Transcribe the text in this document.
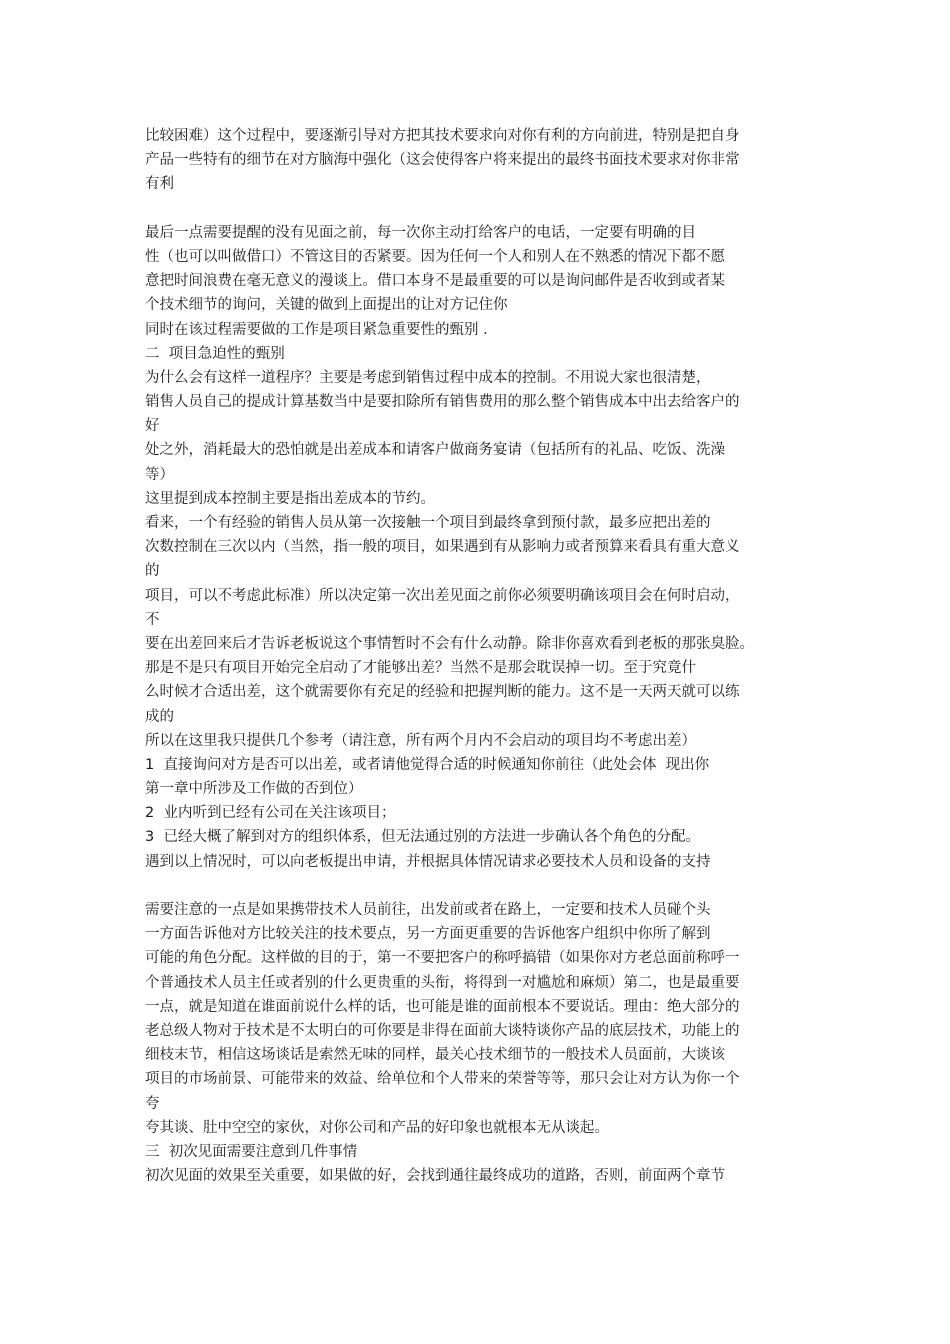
比较困难）这个过程中，要逐渐引导对方把其技术要求向对你有利的方向前进，特别是把自身
产品一些特有的细节在对方脑海中强化（这会使得客户将来提出的最终书面技术要求对你非常
有利
最后一点需要提醒的没有见面之前，每一次你主动打给客户的电话，一定要有明确的目
性（也可以叫做借口）不管这目的否紧要。因为任何一个人和别人在不熟悉的情况下都不愿
意把时间浪费在毫无意义的漫谈上。借口本身不是最重要的可以是询问邮件是否收到或者某
个技术细节的询问，关键的做到上面提出的让对方记住你
同时在该过程需要做的工作是项目紧急重要性的甄别 .
二  项目急迫性的甄别
为什么会有这样一道程序？主要是考虑到销售过程中成本的控制。不用说大家也很清楚，
销售人员自己的提成计算基数当中是要扣除所有销售费用的那么整个销售成本中出去给客户的
好
处之外，消耗最大的恐怕就是出差成本和请客户做商务宴请（包括所有的礼品、吃饭、洗澡
等）
这里提到成本控制主要是指出差成本的节约。
看来，一个有经验的销售人员从第一次接触一个项目到最终拿到预付款，最多应把出差的
次数控制在三次以内（当然，指一般的项目，如果遇到有从影响力或者预算来看具有重大意义
的
项目，可以不考虑此标准）所以决定第一次出差见面之前你必须要明确该项目会在何时启动，
不
要在出差回来后才告诉老板说这个事情暂时不会有什么动静。除非你喜欢看到老板的那张臭脸。
那是不是只有项目开始完全启动了才能够出差？当然不是那会耽误掉一切。至于究竟什
么时候才合适出差，这个就需要你有充足的经验和把握判断的能力。这不是一天两天就可以练
成的
所以在这里我只提供几个参考（请注意，所有两个月内不会启动的项目均不考虑出差）
1  直接询问对方是否可以出差，或者请他觉得合适的时候通知你前往（此处会体  现出你
第一章中所涉及工作做的否到位）
2  业内听到已经有公司在关注该项目；
3  已经大概了解到对方的组织体系，但无法通过别的方法进一步确认各个角色的分配。
遇到以上情况时，可以向老板提出申请，并根据具体情况请求必要技术人员和设备的支持
需要注意的一点是如果携带技术人员前往，出发前或者在路上，一定要和技术人员碰个头
一方面告诉他对方比较关注的技术要点，另一方面更重要的告诉他客户组织中你所了解到
可能的角色分配。这样做的目的于，第一不要把客户的称呼搞错（如果你对方老总面前称呼一
个普通技术人员主任或者别的什么更贵重的头衔，将得到一对尴尬和麻烦）第二，也是最重要
一点，就是知道在谁面前说什么样的话，也可能是谁的面前根本不要说话。理由：绝大部分的
老总级人物对于技术是不太明白的可你要是非得在面前大谈特谈你产品的底层技术，功能上的
细枝末节，相信这场谈话是索然无味的同样，最关心技术细节的一般技术人员面前，大谈该
项目的市场前景、可能带来的效益、给单位和个人带来的荣誉等等，那只会让对方认为你一个
夸
夸其谈、肚中空空的家伙，对你公司和产品的好印象也就根本无从谈起。
三  初次见面需要注意到几件事情
初次见面的效果至关重要，如果做的好，会找到通往最终成功的道路，否则，前面两个章节
